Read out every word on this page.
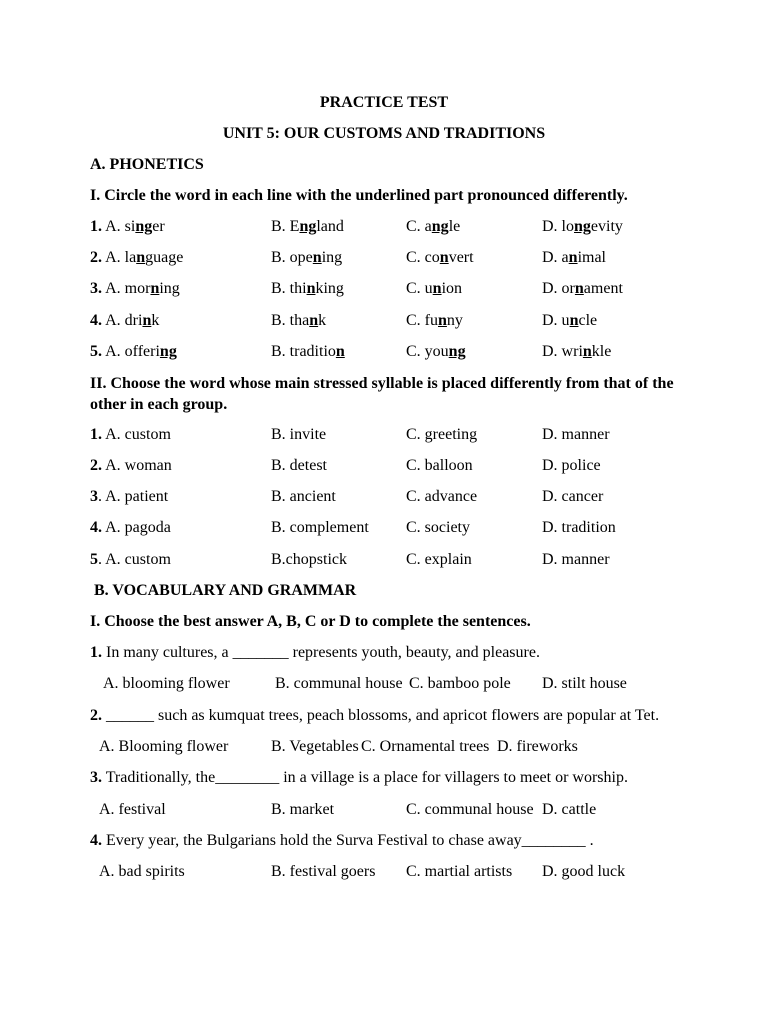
PRACTICE TEST
UNIT 5: OUR CUSTOMS AND TRADITIONS
A. PHONETICS
I. Circle the word in each line with the underlined part pronounced differently.
1. A. singer	B. England	C. angle	D. longevity
2. A. language	B. opening	C. convert	D. animal
3. A. morning	B. thinking	C. union	D. ornament
4. A. drink	B. thank	C. funny	D. uncle
5. A. offering	B. tradition	C. young	D. wrinkle
II. Choose the word whose main stressed syllable is placed differently from that of the other in each group.
1. A. custom	B. invite	C. greeting	D. manner
2. A. woman	B. detest	C. balloon	D. police
3. A. patient	B. ancient	C. advance	D. cancer
4. A. pagoda	B. complement C. society	D. tradition
5. A. custom	B.chopstick	C. explain	D. manner
B. VOCABULARY AND GRAMMAR
I. Choose the best answer A, B, C or D to complete the sentences.
1. In many cultures, a _______ represents youth, beauty, and pleasure.
A. blooming flower	B. communal house C. bamboo pole D. stilt house
2. ______ such as kumquat trees, peach blossoms, and apricot flowers are popular at Tet.
A. Blooming flower	B. Vegetables C. Ornamental trees D. fireworks
3. Traditionally, the________ in a village is a place for villagers to meet or worship.
A. festival	B. market	C. communal house D. cattle
4. Every year, the Bulgarians hold the Surva Festival to chase away________ .
A. bad spirits	B. festival goers C. martial artists D. good luck
